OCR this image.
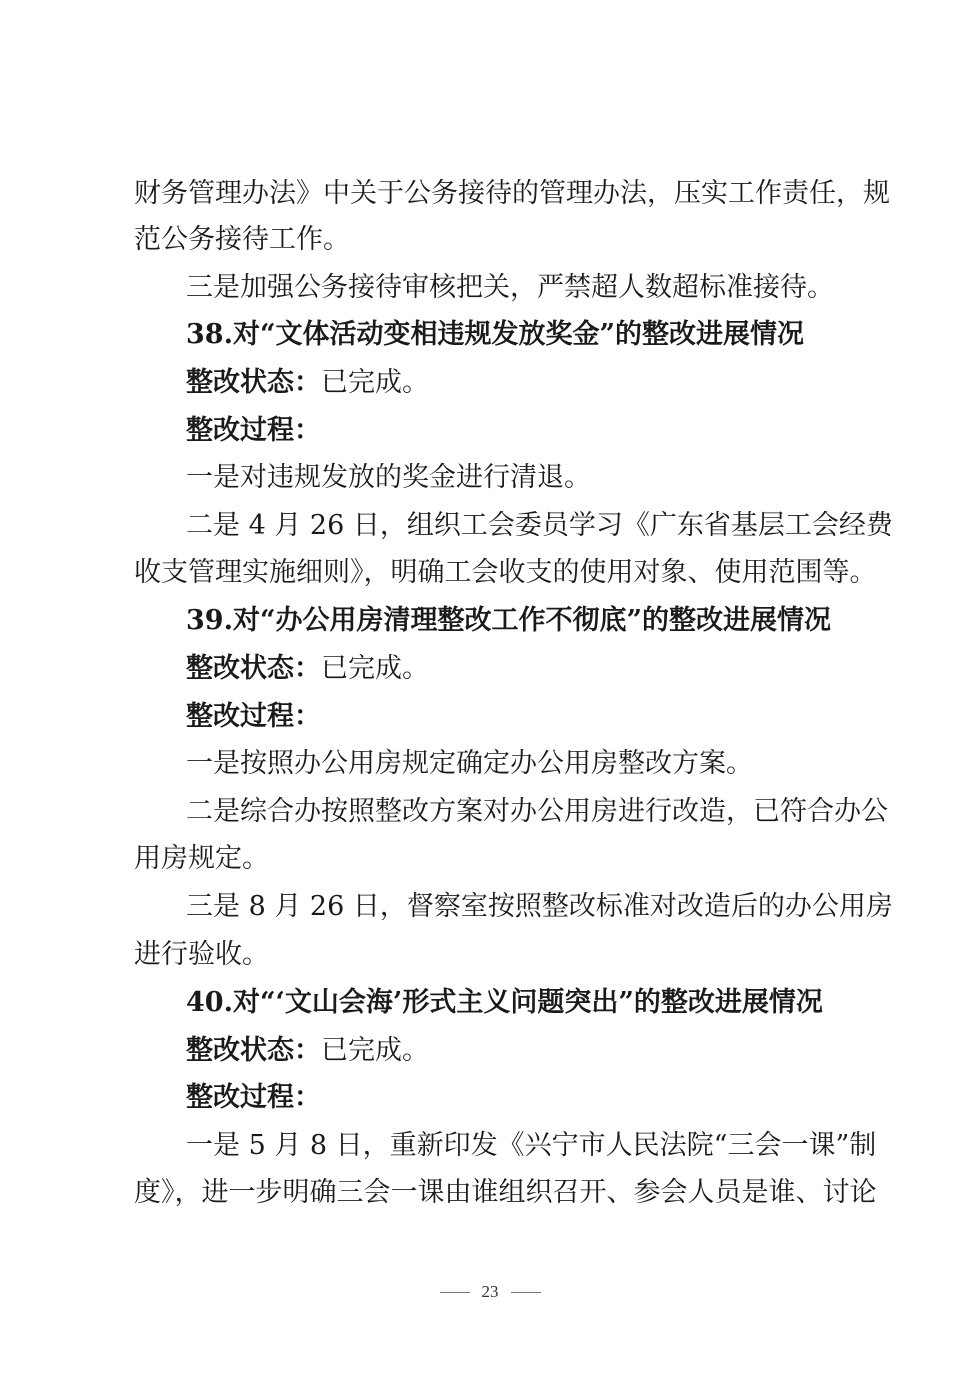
财务管理办法》中关于公务接待的管理办法，压实工作责任，规
范公务接待工作。
三是加强公务接待审核把关，严禁超人数超标准接待。
38.对“文体活动变相违规发放奖金”的整改进展情况
整改状态：已完成。
整改过程：
一是对违规发放的奖金进行清退。
二是 4 月 26 日，组织工会委员学习《广东省基层工会经费
收支管理实施细则》，明确工会收支的使用对象、使用范围等。
39.对“办公用房清理整改工作不彻底”的整改进展情况
整改状态：已完成。
整改过程：
一是按照办公用房规定确定办公用房整改方案。
二是综合办按照整改方案对办公用房进行改造，已符合办公
用房规定。
三是 8 月 26 日，督察室按照整改标准对改造后的办公用房
进行验收。
40.对“‘文山会海’形式主义问题突出”的整改进展情况
整改状态：已完成。
整改过程：
一是 5 月 8 日，重新印发《兴宁市人民法院“三会一课”制
度》，进一步明确三会一课由谁组织召开、参会人员是谁、讨论
23
